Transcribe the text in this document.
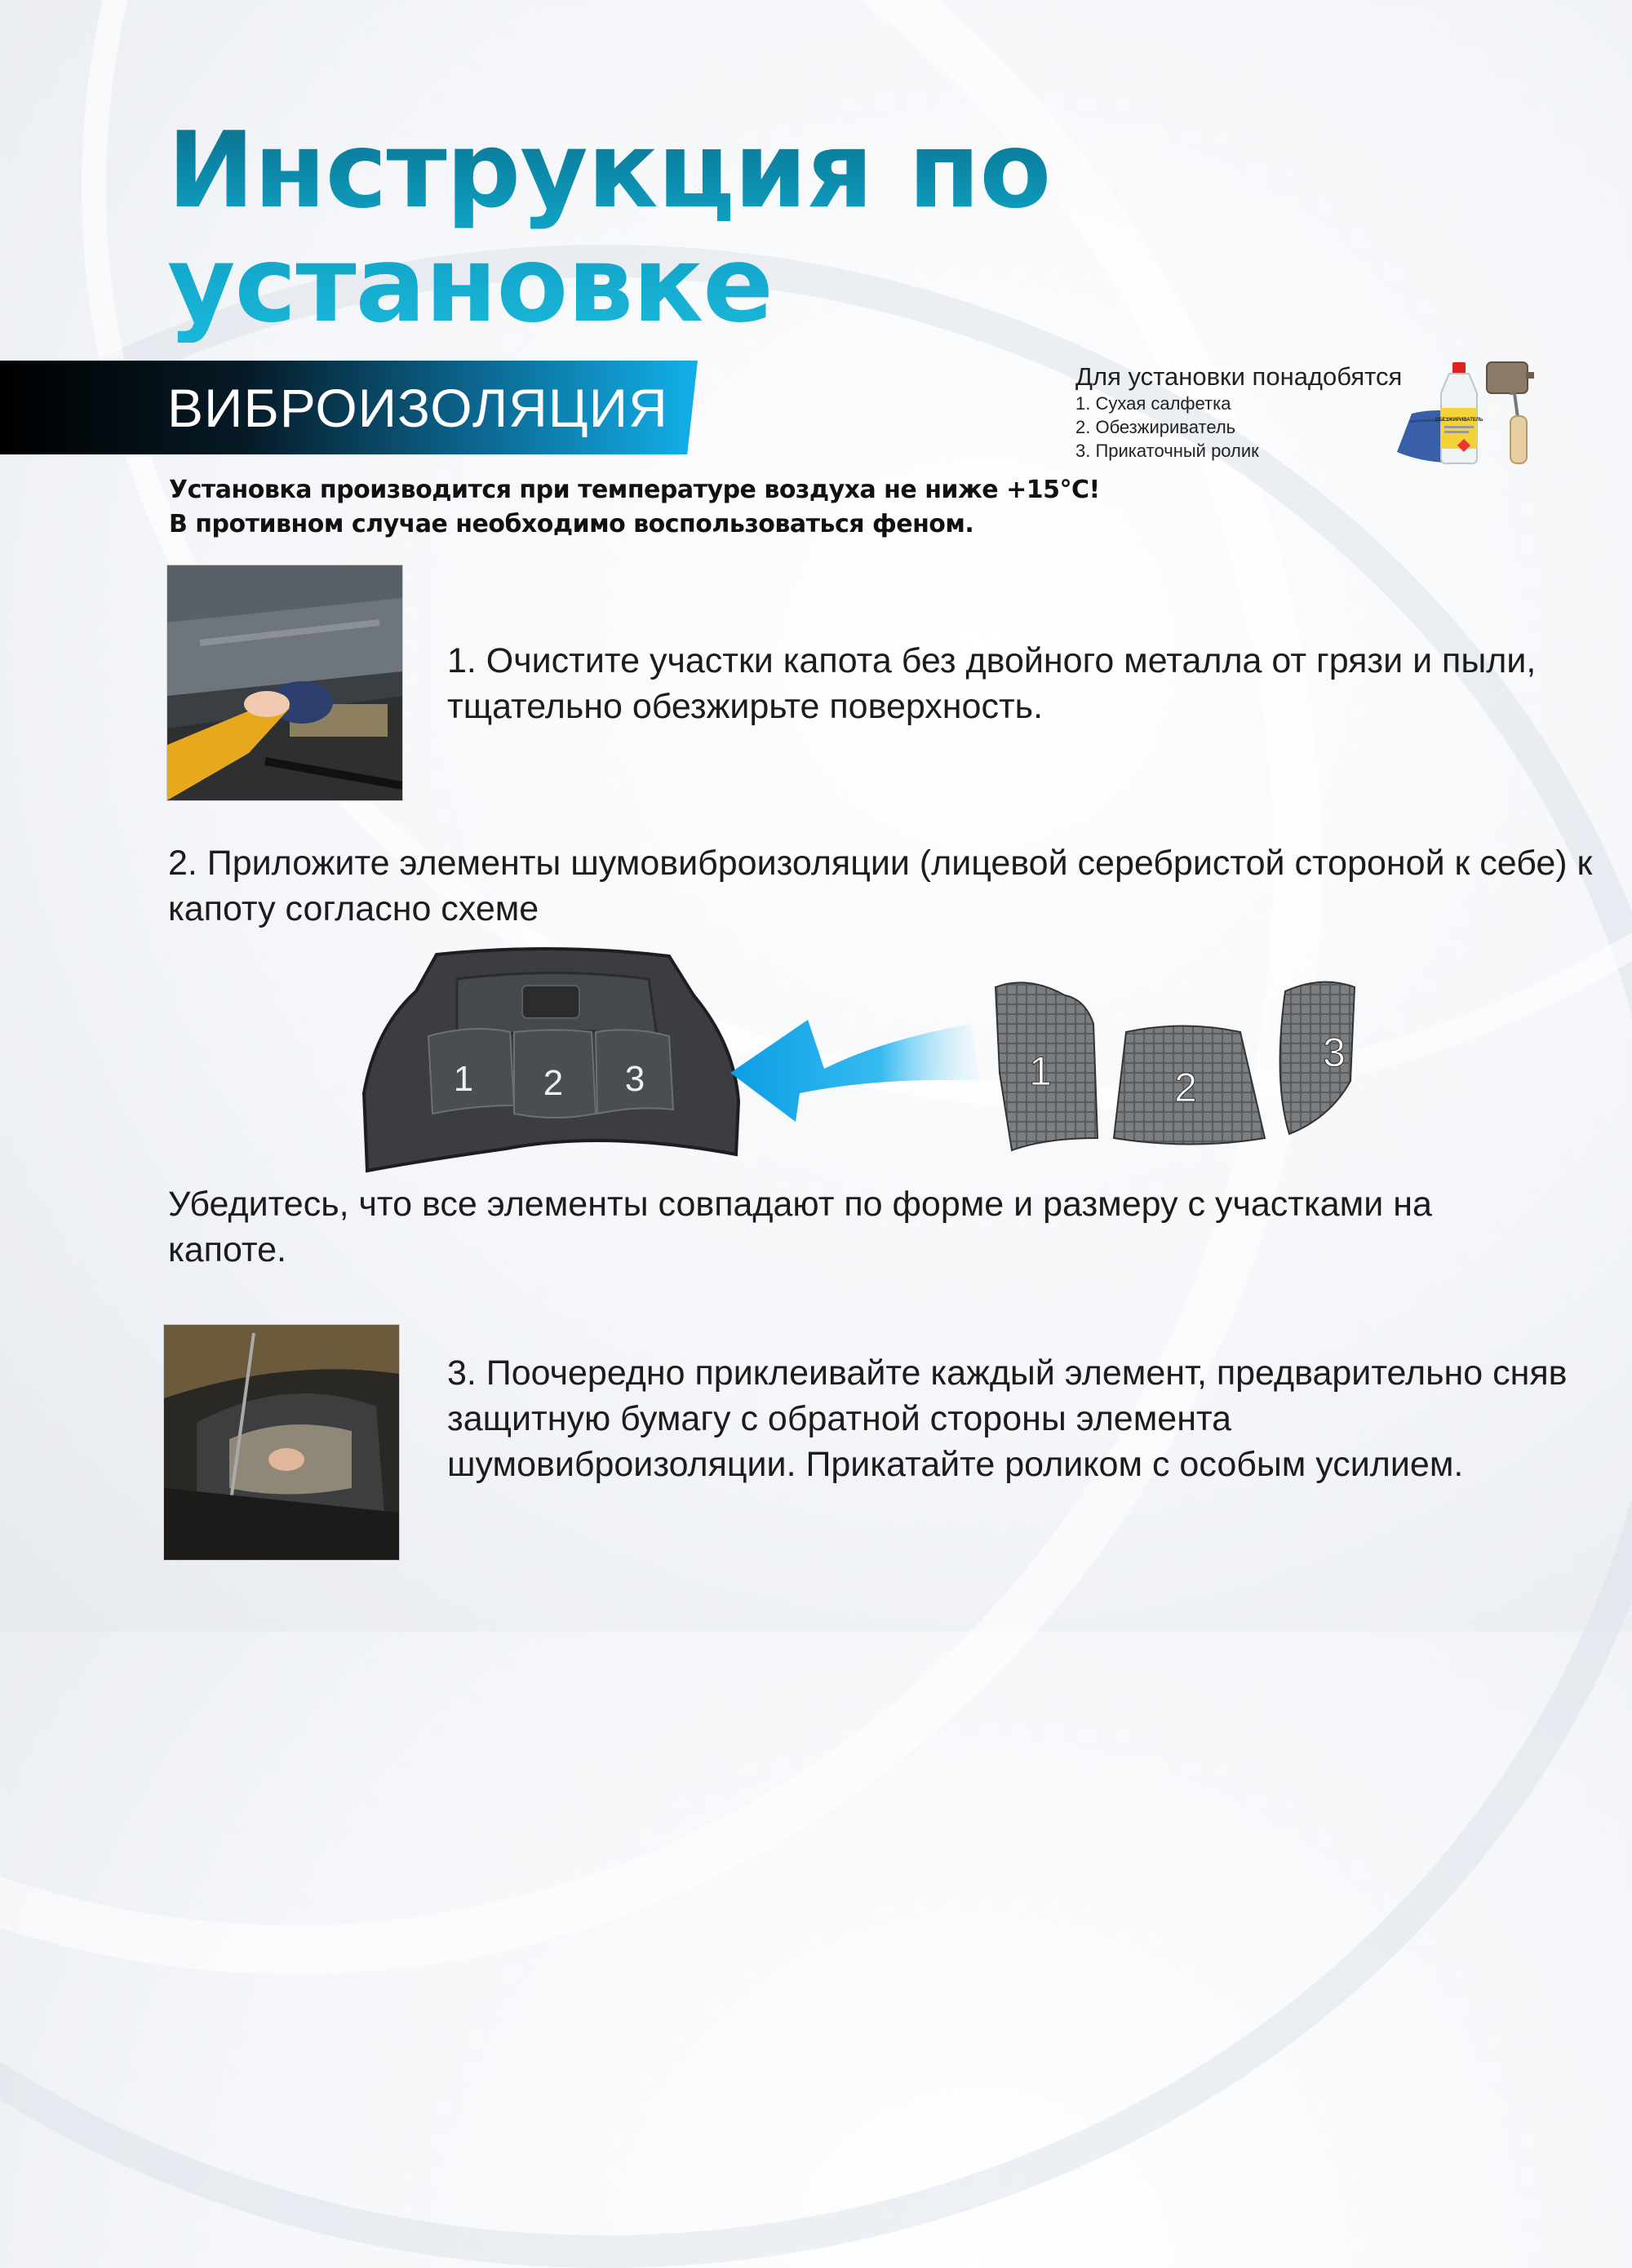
Инструкция по
установке
ВИБРОИЗОЛЯЦИЯ
Для установки понадобятся
1. Сухая салфетка
2. Обезжириватель
3. Прикаточный ролик
ОБЕЗЖИРИВАТЕЛЬ
Установка производится при температуре воздуха не ниже +15°С!
В противном случае необходимо воспользоваться феном.
1. Очистите участки капота без двойного металла от грязи и пыли, тщательно обезжирьте поверхность.
2. Приложите элементы шумовиброизоляции (лицевой серебристой стороной к себе) к капоту согласно схеме
1 2 3	1	2
3
Убедитесь, что все элементы совпадают по форме и размеру с участками на капоте.
3. Поочередно приклеивайте каждый элемент, предварительно сняв защитную бумагу с обратной стороны элемента шумовиброизоляции. Прикатайте роликом с особым усилием.
